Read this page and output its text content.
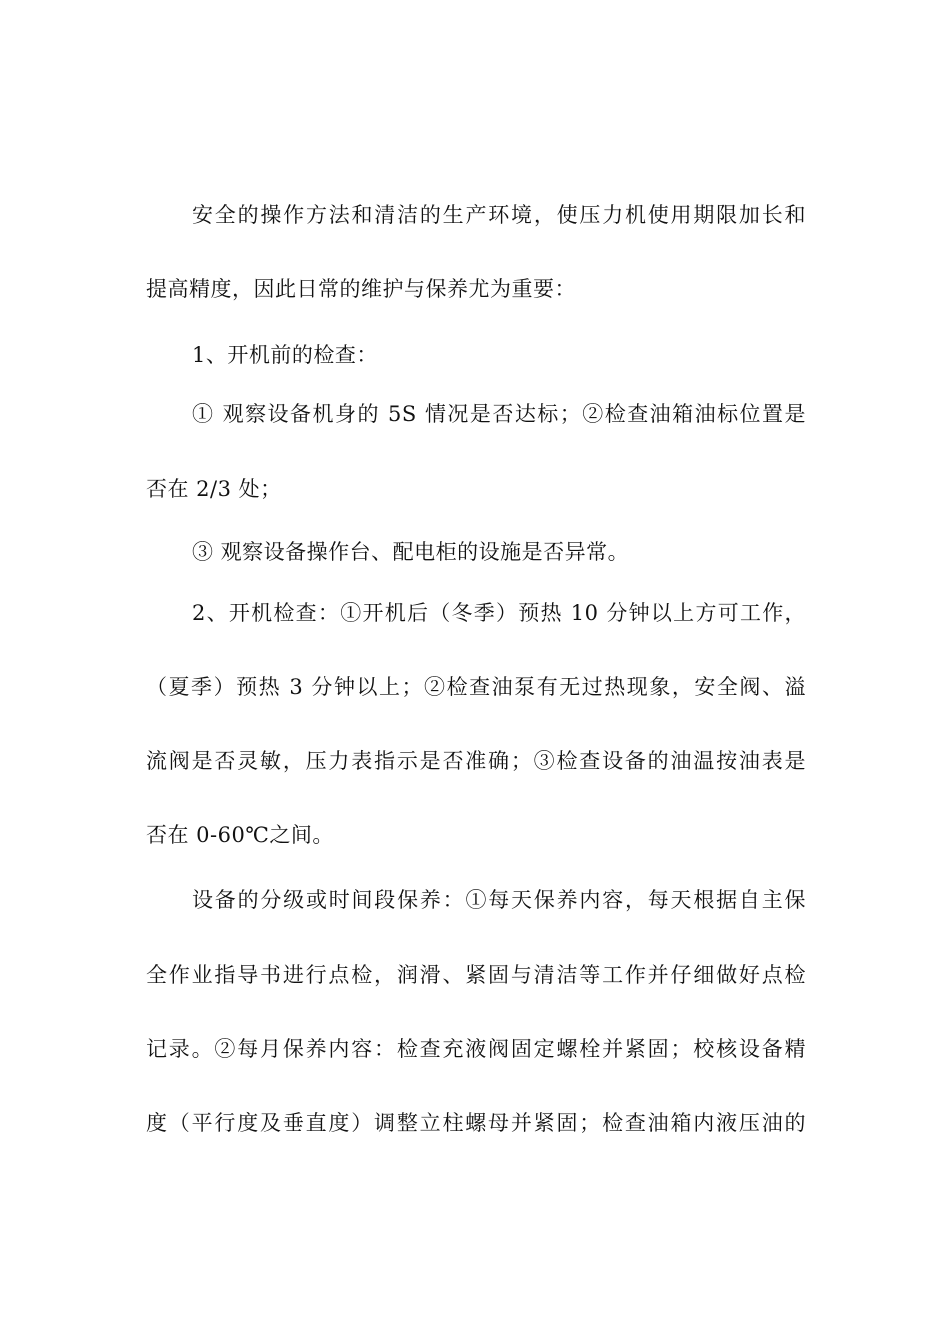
安全的操作方法和清洁的生产环境，使压力机使用期限加长和
提高精度，因此日常的维护与保养尤为重要：
1、开机前的检查：
① 观察设备机身的 5S 情况是否达标；②检查油箱油标位置是
否在 2/3 处；
③ 观察设备操作台、配电柜的设施是否异常。
2、开机检查：①开机后（冬季）预热 10 分钟以上方可工作，
（夏季）预热 3 分钟以上；②检查油泵有无过热现象，安全阀、溢
流阀是否灵敏，压力表指示是否准确；③检查设备的油温按油表是
否在 0-60℃之间。
设备的分级或时间段保养：①每天保养内容，每天根据自主保
全作业指导书进行点检，润滑、紧固与清洁等工作并仔细做好点检
记录。②每月保养内容：检查充液阀固定螺栓并紧固；校核设备精
度（平行度及垂直度）调整立柱螺母并紧固；检查油箱内液压油的
